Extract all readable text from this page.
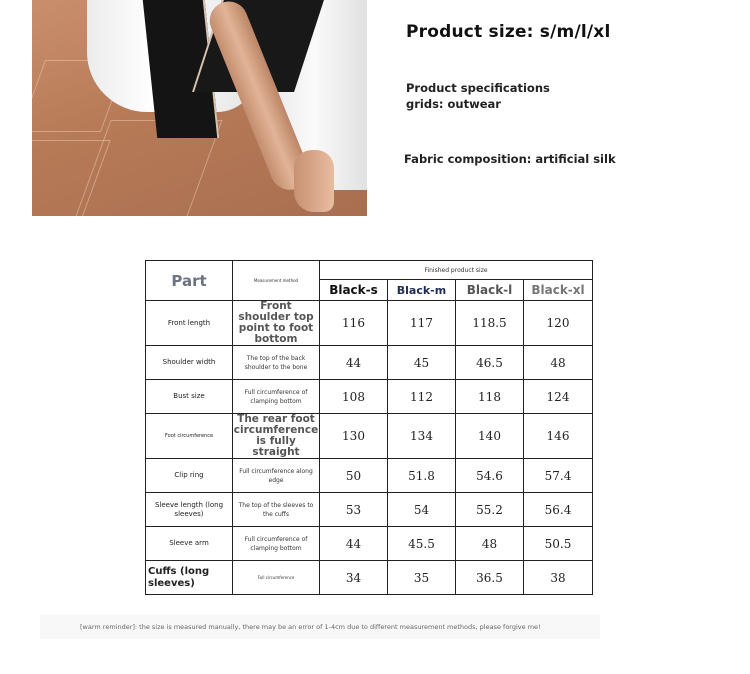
Product size: s/m/l/xl
Product specifications
grids: outwear
Fabric composition: artificial silk
Part	Measurement method	Finished product size			
		Black-s	Black-m	Black-l	Black-xl
Front length	Front shoulder top point to foot bottom	116	117	118.5	120
Shoulder width	The top of the back shoulder to the bone	44	45	46.5	48
Bust size	Full circumference of clamping bottom	108	112	118	124
Foot circumference	The rear foot circumference is fully straight	130	134	140	146
Clip ring	Full circumference along edge	50	51.8	54.6	57.4
Sleeve length (long sleeves)	The top of the sleeves to the cuffs	53	54	55.2	56.4
Sleeve arm	Full circumference of clamping bottom	44	45.5	48	50.5
Cuffs (long sleeves)	Full circumference	34	35	36.5	38
[warm reminder]: the size is measured manually, there may be an error of 1-4cm due to different measurement methods, please forgive me!
